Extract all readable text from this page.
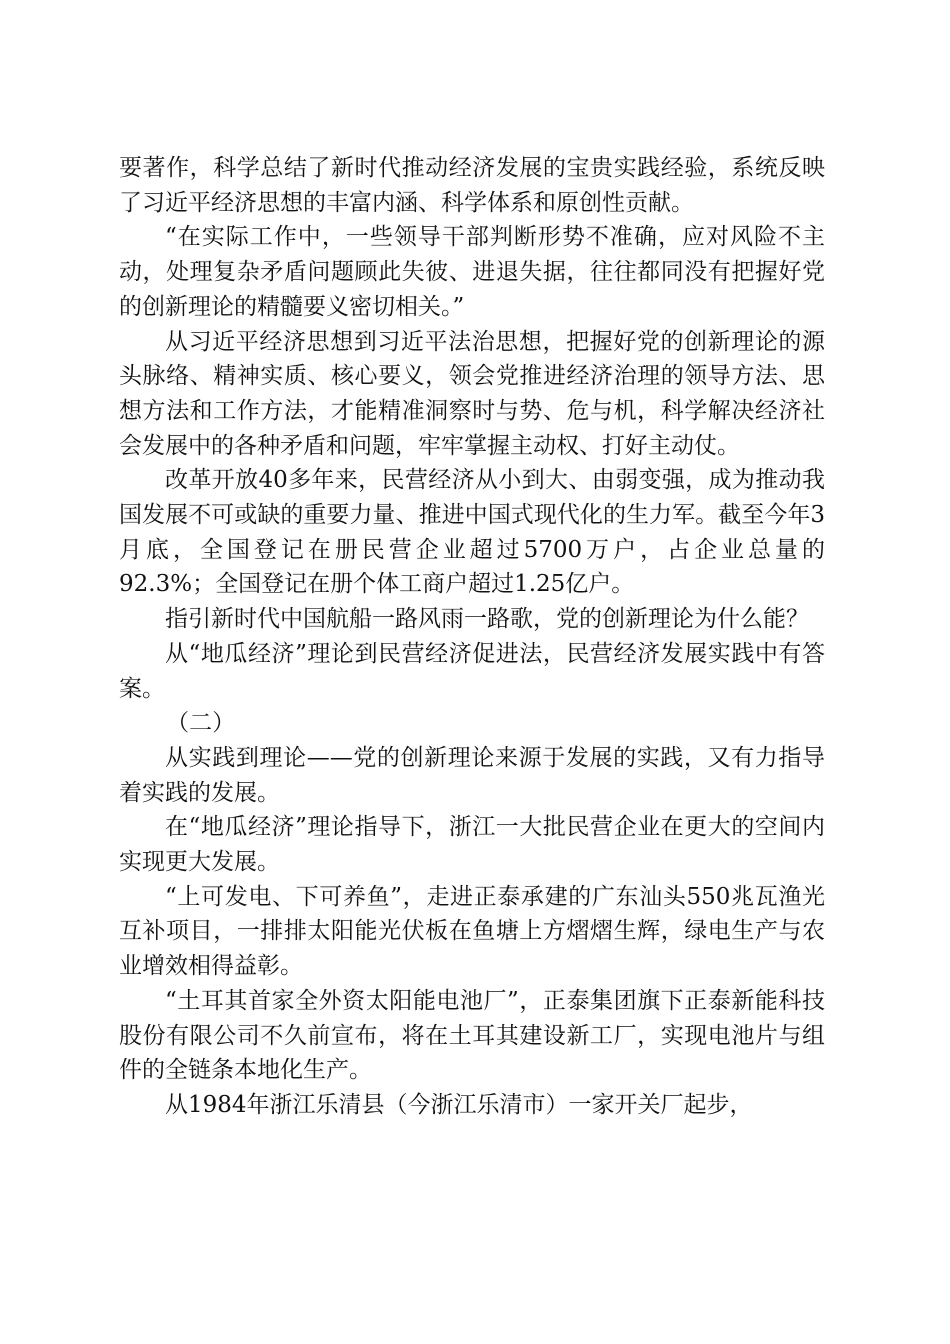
要著作，科学总结了新时代推动经济发展的宝贵实践经验，系统反映了习近平经济思想的丰富内涵、科学体系和原创性贡献。

“在实际工作中，一些领导干部判断形势不准确，应对风险不主动，处理复杂矛盾问题顾此失彼、进退失据，往往都同没有把握好党的创新理论的精髓要义密切相关。”

从习近平经济思想到习近平法治思想，把握好党的创新理论的源头脉络、精神实质、核心要义，领会党推进经济治理的领导方法、思想方法和工作方法，才能精准洞察时与势、危与机，科学解决经济社会发展中的各种矛盾和问题，牢牢掌握主动权、打好主动仗。

改革开放40多年来，民营经济从小到大、由弱变强，成为推动我国发展不可或缺的重要力量、推进中国式现代化的生力军。截至今年3月底，全国登记在册民营企业超过5700万户，占企业总量的92.3%；全国登记在册个体工商户超过1.25亿户。

指引新时代中国航船一路风雨一路歌，党的创新理论为什么能？

从“地瓜经济”理论到民营经济促进法，民营经济发展实践中有答案。

（二）

从实践到理论——党的创新理论来源于发展的实践，又有力指导着实践的发展。

在“地瓜经济”理论指导下，浙江一大批民营企业在更大的空间内实现更大发展。

“上可发电、下可养鱼”，走进正泰承建的广东汕头550兆瓦渔光互补项目，一排排太阳能光伏板在鱼塘上方熠熠生辉，绿电生产与农业增效相得益彰。

“土耳其首家全外资太阳能电池厂”，正泰集团旗下正泰新能科技股份有限公司不久前宣布，将在土耳其建设新工厂，实现电池片与组件的全链条本地化生产。

从1984年浙江乐清县（今浙江乐清市）一家开关厂起步，
